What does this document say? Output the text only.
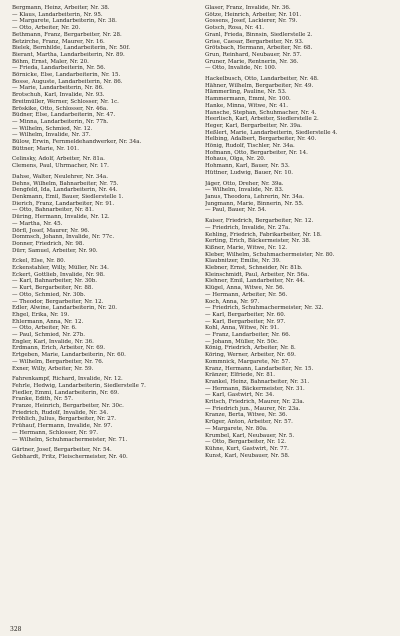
Bergmann, Heinz, Arbeiter, Nr. 38.

— Klaus, Landarbeiterin, Nr. 95.

— Margarete, Landarbeiterin, Nr. 38.

— Otto, Arbeiter, Nr. 20.

Bethmann, Franz, Bergarbeiter, Nr. 28.

Betzirche, Franz, Maurer, Nr. 16.

Bielek, Bernhilde, Landarbeiterin, Nr. 50f.

Bierant, Martha, Landarbeiterin, Nr. 89.

Böhm, Ernst, Maler, Nr. 20.

— Frieda, Landarbeiterin, Nr. 56.

Börnicke, Else, Landarbeiterin, Nr. 15.

Bosse, Auguste, Landarbeiterin, Nr. 86.

— Marie, Landarbeiterin, Nr. 86.

Brotschuh, Karl, Invalide, Nr. 93.

Breitmüller, Werner, Schlosser, Nr. 1c.

Bröskike, Otto, Schlosser, Nr. 46a.

Büdner, Else, Landarbeiterin, Nr. 47.

— Minna, Landarbeiterin, Nr. 77h.

— Wilhelm, Schmied, Nr. 12.

— Wilhelm, Invalide, Nr. 37.

Bülow, Erwin, Fernmeldehandwerker, Nr. 34a.

Büttner, Marie, Nr. 101.

Celinsky, Adolf, Arbeiter, Nr. 81a.

Clemens, Paul, Uhrmacher, Nr. 17.

Dahse, Walter, Neulehrer, Nr. 34a.

Dehns, Wilhelm, Bahnarbeiter, Nr. 75.

Dengfeld, Ida, Landarbeiterin, Nr. 44.

Denkmann, Emil, Bauer, Siedlerstelle 1.

Dierich, Franz, Landarbeiter, Nr. 91.

— Otto, Bahnarbeiter, Nr. 81.

Düring, Hermann, Invalide, Nr. 12.

— Martha, Nr. 45.

Dörfl, Josef, Maurer, Nr. 96.

Dommsch, Johann, Invalide, Nr. 77c.

Donner, Friedrich, Nr. 98.

Dürr, Samuel, Arbeiter, Nr. 90.

Eckel, Else, Nr. 80.

Eckenstahler, Willy, Müller, Nr. 34.

Eckert, Gottlieb, Invalide, Nr. 98.

— Karl, Bahnarbeiter, Nr. 30b.

— Kurt, Bergarbeiter, Nr. 88.

— Otto, Schmied, Nr. 30b.

— Theodor, Bergarbeiter, Nr. 12.

Edler, Alwine, Landarbeiterin, Nr. 20.

Ehgel, Erika, Nr. 19.

Ehlermann, Anna, Nr. 12.

— Otto, Arbeiter, Nr. 6.

— Paul, Schmied, Nr. 27b.

Engler, Karl, Invalide, Nr. 36.

Erdmann, Erich, Arbeiter, Nr. 69.

Ertgeben, Marie, Landarbeiterin, Nr. 60.

— Wilhelm, Bergarbeiter, Nr. 76.

Exner, Willy, Arbeiter, Nr. 59.

Fahrenkampf, Richard, Invalide, Nr. 12.

Fehrle, Hedwig, Landarbeiterin, Siedlerstelle 7.

Fiedler, Emmi, Landarbeiterin, Nr. 69.

Franke, Edith, Nr. 57.

Franze, Heinrich, Bergarbeiter, Nr. 30c.

Friedrich, Rudolf, Invalide, Nr. 34.

Fröhlich, Julius, Bergarbeiter, Nr. 27.

Frühauf, Hermann, Invalide, Nr. 97.

— Hermann, Schlosser, Nr. 97.

— Wilhelm, Schuhmachermeister, Nr. 71.

Gärtner, Josef, Bergarbeiter, Nr. 54.

Gebhardt, Fritz, Fleischermeister, Nr. 40.

Glaser, Franz, Invalide, Nr. 36.

Götze, Heinrich, Arbeiter, Nr. 101.

Gossens, Josef, Lackierer, Nr. 79.

Gotsch, Rosa, Nr. 41.

Granl, Frieda, Binnsin, Siedlerstelle 2.

Grise, Caesar, Bergarbeiter, Nr. 93.

Grötsbach, Hermann, Arbeiter, Nr. 68.

Grun, Reinhard, Neubauer, Nr. 57.

Gruner, Marie, Rentnerin, Nr. 36.

— Otto, Invalide, Nr. 100.

Hackelbusch, Otto, Landarbeiter, Nr. 48.

Hähner, Wilhelm, Bergarbeiter, Nr. 49.

Hämmerling, Pauline, Nr. 53.

Hammermann, Emmi, Nr. 100.

Hanke, Minna, Witwe, Nr. 41.

Hansche, Stephan, Schuhmacher, Nr. 4.

Heerlisch, Karl, Arbeiter, Siedlerstelle 2.

Heger, Karl, Bergarbeiter, Nr. 39a.

Heßlert, Marie, Landarbeiterin, Siedlerstelle 4.

Helbing, Adalbert, Bergarbeiter, Nr. 40.

Hönig, Rudolf, Tischler, Nr. 34a.

Hofmann, Otto, Bergarbeiter, Nr. 14.

Hohaus, Olga, Nr. 20.

Hohmann, Karl, Bauer, Nr. 53.

Hüttner, Ludwig, Bauer, Nr. 10.

Jäger, Otto, Dreher, Nr. 39a.

— Wilhelm, Invalide, Nr. 83.

Janus, Theodora, Lehrerin, Nr. 34a.

Jungmann, Marie, Binnerin, Nr. 55.

— Paul, Bauer, Nr. 54.

Kaiser, Friedrich, Bergarbeiter, Nr. 12.

— Friedrich, Invalide, Nr. 27a.

Kehling, Friedrich, Fabrikarbeiter, Nr. 18.

Kerting, Erich, Bäckermeister, Nr. 38.

Kißner, Marie, Witwe, Nr. 12.

Kleber, Wilhelm, Schuhmachermeister, Nr. 80.

Klaubnitzer, Emilie, Nr. 39.

Klebner, Ernst, Schneider, Nr. 81b.

Kleinschmidt, Paul, Arbeiter, Nr. 56a.

Klehner, Emil, Landarbeiter, Nr. 44.

Klügel, Anna, Witwe, Nr. 56.

— Hermann, Arbeiter, Nr. 56.

Koch, Anna, Nr. 97.

— Friedrich, Schuhmachermeister, Nr. 32.

— Karl, Bergarbeiter, Nr. 60.

— Karl, Bergarbeiter, Nr. 97.

Kohl, Anna, Witwe, Nr. 91.

— Franz, Landarbeiter, Nr. 66.

— Johann, Müller, Nr. 50c.

König, Friedrich, Arbeiter, Nr. 8.

Köring, Werner, Arbeiter, Nr. 69.

Kommnick, Margarete, Nr. 57.

Kranz, Hermann, Landarbeiter, Nr. 15.

Kränzer, Elfriede, Nr. 81.

Krankel, Heinz, Bahnarbeiter, Nr. 31.

— Hermann, Bäckermeister, Nr. 31.

— Karl, Gastwirt, Nr. 34.

Kritsch, Friedrich, Maurer, Nr. 23a.

— Friedrich jun., Maurer, Nr. 23a.

Kranze, Berta, Witwe, Nr. 36.

Krüger, Anton, Arbeiter, Nr. 57.

— Margarete, Nr. 80a.

Krumbel, Karl, Neubauer, Nr. 5.

— Otto, Bergarbeiter, Nr. 12.

Kühne, Kurt, Gastwirt, Nr. 77.

Kunst, Karl, Neubauer, Nr. 58.

328
